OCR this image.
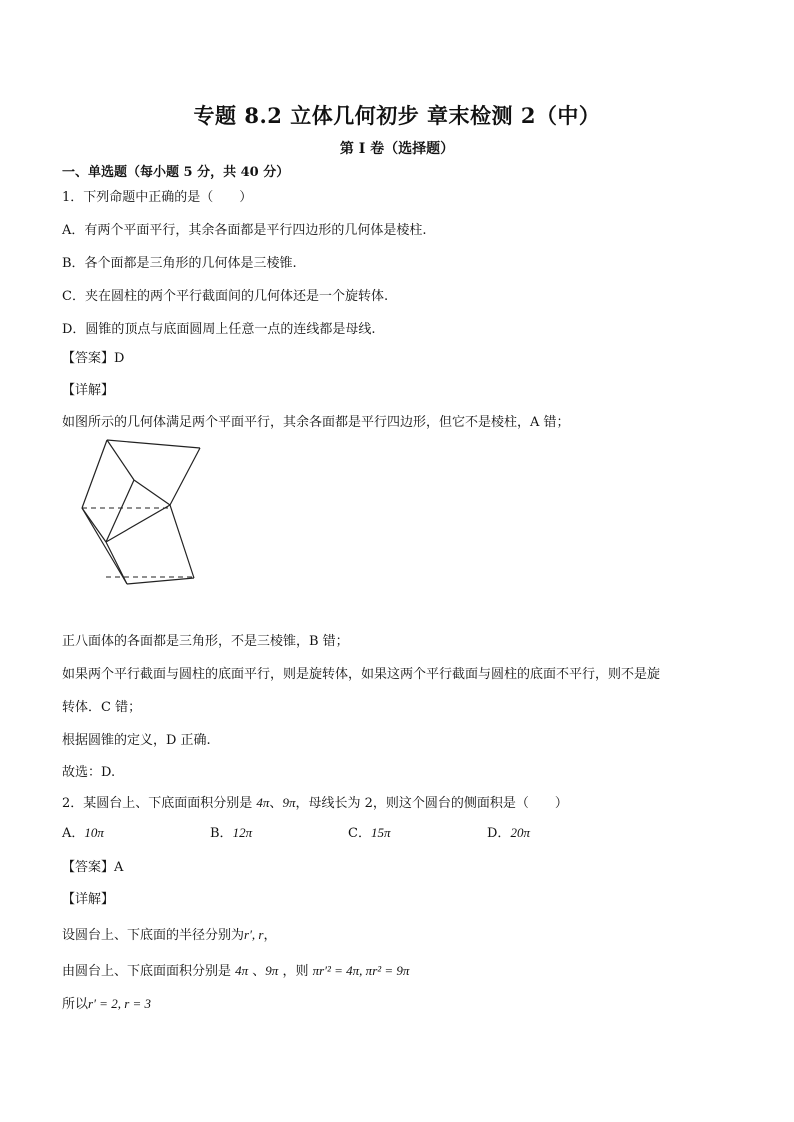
专题 8.2 立体几何初步 章末检测 2（中）
第 I 卷（选择题）
一、单选题（每小题 5 分，共 40 分）
1．下列命题中正确的是（　　）
A．有两个平面平行，其余各面都是平行四边形的几何体是棱柱.
B．各个面都是三角形的几何体是三棱锥.
C．夹在圆柱的两个平行截面间的几何体还是一个旋转体.
D．圆锥的顶点与底面圆周上任意一点的连线都是母线.
【答案】D
【详解】
如图所示的几何体满足两个平面平行，其余各面都是平行四边形，但它不是棱柱，A 错；
正八面体的各面都是三角形，不是三棱锥，B 错；
如果两个平行截面与圆柱的底面平行，则是旋转体，如果这两个平行截面与圆柱的底面不平行，则不是旋
转体．C 错；
根据圆锥的定义，D 正确.
故选：D.
2．某圆台上、下底面面积分别是 4π、9π，母线长为 2，则这个圆台的侧面积是（　　）
A．10π	B．12π	C．15π	D．20π
【答案】A
【详解】
设圆台上、下底面的半径分别为r′, r，
由圆台上、下底面面积分别是 4π 、9π ，则 πr′² = 4π, πr² = 9π
所以r′ = 2, r = 3
